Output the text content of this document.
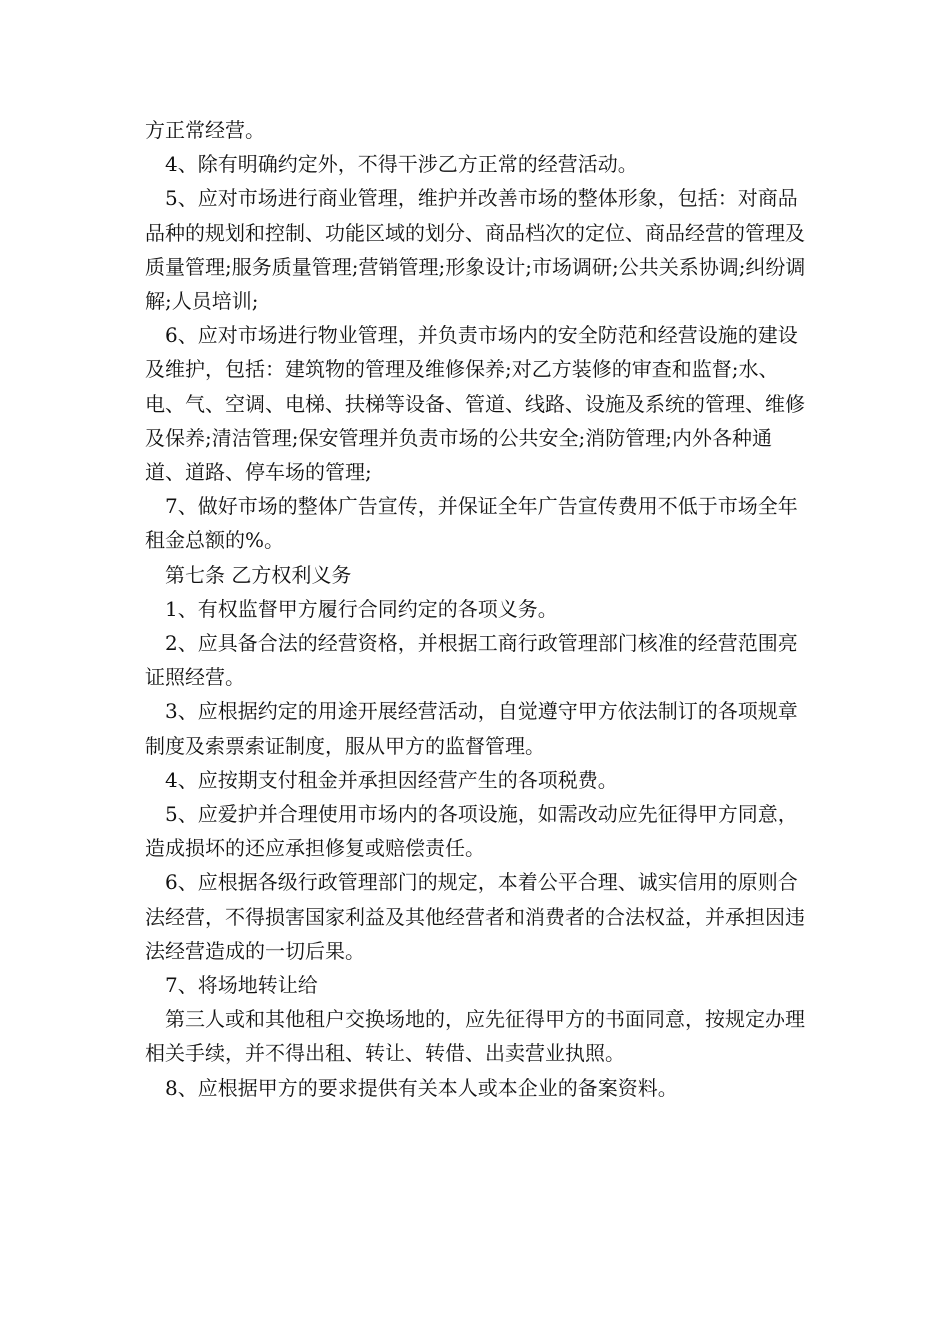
方正常经营。

4、除有明确约定外，不得干涉乙方正常的经营活动。

5、应对市场进行商业管理，维护并改善市场的整体形象，包括：对商品品种的规划和控制、功能区域的划分、商品档次的定位、商品经营的管理及质量管理;服务质量管理;营销管理;形象设计;市场调研;公共关系协调;纠纷调解;人员培训;

6、应对市场进行物业管理，并负责市场内的安全防范和经营设施的建设及维护，包括：建筑物的管理及维修保养;对乙方装修的审查和监督;水、电、气、空调、电梯、扶梯等设备、管道、线路、设施及系统的管理、维修及保养;清洁管理;保安管理并负责市场的公共安全;消防管理;内外各种通道、道路、停车场的管理;

7、做好市场的整体广告宣传，并保证全年广告宣传费用不低于市场全年租金总额的%。

第七条 乙方权利义务

1、有权监督甲方履行合同约定的各项义务。

2、应具备合法的经营资格，并根据工商行政管理部门核准的经营范围亮证照经营。

3、应根据约定的用途开展经营活动，自觉遵守甲方依法制订的各项规章制度及索票索证制度，服从甲方的监督管理。

4、应按期支付租金并承担因经营产生的各项税费。

5、应爱护并合理使用市场内的各项设施，如需改动应先征得甲方同意，造成损坏的还应承担修复或赔偿责任。

6、应根据各级行政管理部门的规定，本着公平合理、诚实信用的原则合法经营，不得损害国家利益及其他经营者和消费者的合法权益，并承担因违法经营造成的一切后果。

7、将场地转让给

第三人或和其他租户交换场地的，应先征得甲方的书面同意，按规定办理相关手续，并不得出租、转让、转借、出卖营业执照。

8、应根据甲方的要求提供有关本人或本企业的备案资料。
